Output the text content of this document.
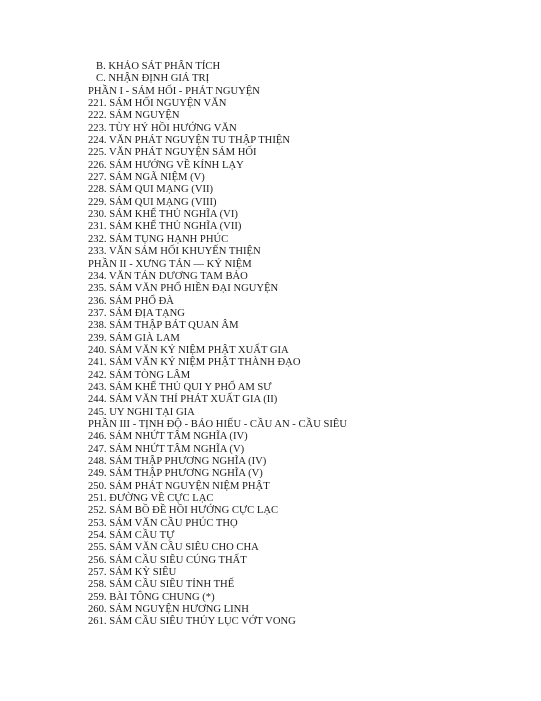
B. KHẢO SÁT PHÂN TÍCH
C. NHẬN ĐỊNH GIÁ TRỊ
PHẦN I - SÁM HỐI - PHÁT NGUYỆN
221. SÁM HỐI NGUYỆN VĂN
222. SÁM NGUYỆN
223. TÙY HỶ HỒI HƯỚNG VĂN
224. VĂN PHÁT NGUYỆN TU THẬP THIỆN
225. VĂN PHÁT NGUYỆN SÁM HỐI
226. SÁM HƯỚNG VỀ KÍNH LẠY
227. SÁM NGÃ NIỆM (V)
228. SÁM QUI MẠNG (VII)
229. SÁM QUI MẠNG (VIII)
230. SÁM KHỂ THỦ NGHĨA (VI)
231. SÁM KHỂ THỦ NGHĨA (VII)
232. SÁM TỤNG HẠNH PHÚC
233. VĂN SÁM HỐI KHUYẾN THIỆN
PHẦN II - XƯNG TÁN — KỶ NIỆM
234. VĂN TÁN DƯƠNG TAM BẢO
235. SÁM VĂN PHỔ HIỀN ĐẠI NGUYỆN
236. SÁM PHỔ ĐÀ
237. SÁM ĐỊA TẠNG
238. SÁM THẬP BÁT QUAN ÂM
239. SÁM GIÀ LAM
240. SÁM VĂN KỶ NIỆM PHẬT XUẤT GIA
241. SÁM VĂN KỶ NIỆM PHẬT THÀNH ĐẠO
242. SÁM TÒNG LÂM
243. SÁM KHỂ THỦ QUI Y PHỔ AM SƯ
244. SÁM VĂN THỈ PHÁT XUẤT GIA (II)
245. UY NGHI TẠI GIA
PHẦN III - TỊNH ĐỘ - BÁO HIẾU - CẦU AN - CẦU SIÊU
246. SÁM NHỨT TÂM NGHĨA (IV)
247. SÁM NHỨT TÂM NGHĨA (V)
248. SÁM THẬP PHƯƠNG NGHĨA (IV)
249. SÁM THẬP PHƯƠNG NGHĨA (V)
250. SÁM PHÁT NGUYỆN NIỆM PHẬT
251. ĐƯỜNG VỀ CỰC LẠC
252. SÁM BỒ ĐỀ HỒI HƯỚNG CỰC LẠC
253. SÁM VĂN CẦU PHÚC THỌ
254. SÁM CẦU TỰ
255. SÁM VĂN CẦU SIÊU CHO CHA
256. SÁM CẦU SIÊU CÚNG THẤT
257. SÁM KỲ SIÊU
258. SÁM CẦU SIÊU TỈNH THẾ
259. BÀI TÔNG CHUNG (*)
260. SÁM NGUYỆN HƯƠNG LINH
261. SÁM CẦU SIÊU THỦY LỤC VỚT VONG
